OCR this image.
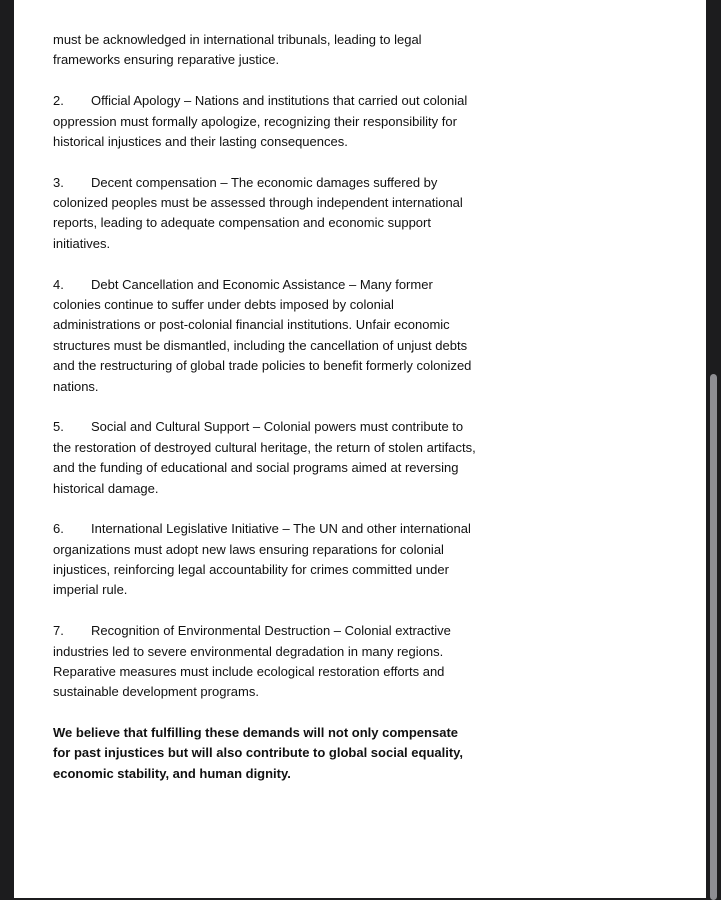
must be acknowledged in international tribunals, leading to legal frameworks ensuring reparative justice.

2. Official Apology – Nations and institutions that carried out colonial oppression must formally apologize, recognizing their responsibility for historical injustices and their lasting consequences.

3. Decent compensation – The economic damages suffered by colonized peoples must be assessed through independent international reports, leading to adequate compensation and economic support initiatives.

4. Debt Cancellation and Economic Assistance – Many former colonies continue to suffer under debts imposed by colonial administrations or post-colonial financial institutions. Unfair economic structures must be dismantled, including the cancellation of unjust debts and the restructuring of global trade policies to benefit formerly colonized nations.

5. Social and Cultural Support – Colonial powers must contribute to the restoration of destroyed cultural heritage, the return of stolen artifacts, and the funding of educational and social programs aimed at reversing historical damage.

6. International Legislative Initiative – The UN and other international organizations must adopt new laws ensuring reparations for colonial injustices, reinforcing legal accountability for crimes committed under imperial rule.

7. Recognition of Environmental Destruction – Colonial extractive industries led to severe environmental degradation in many regions. Reparative measures must include ecological restoration efforts and sustainable development programs.

We believe that fulfilling these demands will not only compensate for past injustices but will also contribute to global social equality, economic stability, and human dignity.
